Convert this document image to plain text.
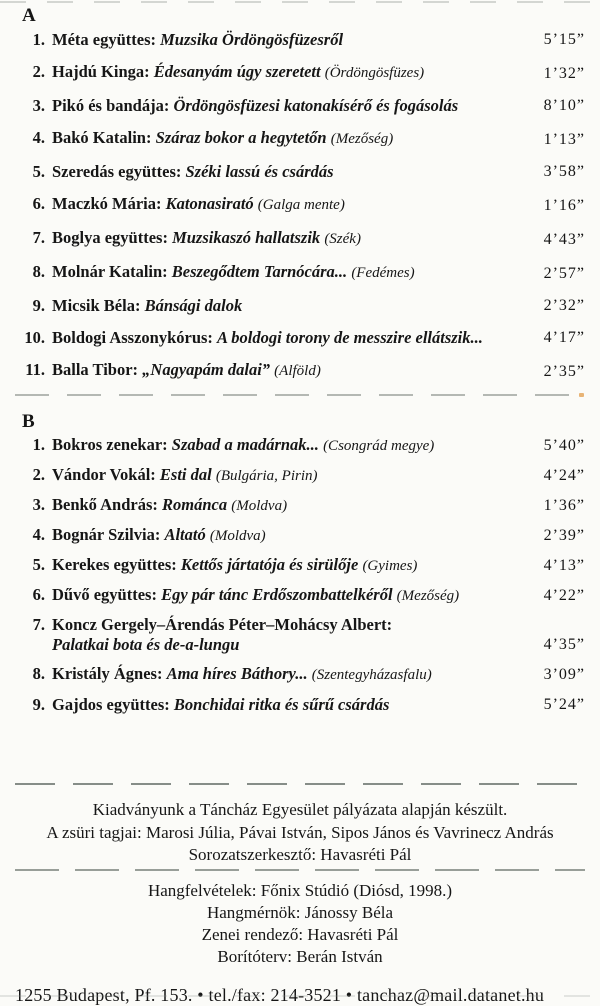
A
1. Méta együttes: Muzsika Ördöngösfüzesről	5’15”
2. Hajdú Kinga: Édesanyám úgy szeretett (Ördöngösfüzes)	1’32”
3. Pikó és bandája: Ördöngösfüzesi katonakísérő és fogásolás	8’10”
4. Bakó Katalin: Száraz bokor a hegytetőn (Mezőség)	1’13”
5. Szeredás együttes: Széki lassú és csárdás	3’58”
6. Maczkó Mária: Katonasirató (Galga mente)	1’16”
7. Boglya együttes: Muzsikaszó hallatszik (Szék)	4’43”
8. Molnár Katalin: Beszegődtem Tarnócára... (Fedémes)	2’57”
9. Micsik Béla: Bánsági dalok	2’32”
10. Boldogi Asszonykórus: A boldogi torony de messzire ellátszik...	4’17”
11. Balla Tibor: „Nagyapám dalai” (Alföld)	2’35”
B
1. Bokros zenekar: Szabad a madárnak... (Csongrád megye)	5’40”
2. Vándor Vokál: Esti dal (Bulgária, Pirin)	4’24”
3. Benkő András: Románca (Moldva)	1’36”
4. Bognár Szilvia: Altató (Moldva)	2’39”
5. Kerekes együttes: Kettős jártatója és sirülője (Gyimes)	4’13”
6. Dűvő együttes: Egy pár tánc Erdőszombattelkéről (Mezőség)	4’22”
7. Koncz Gergely–Árendás Péter–Mohácsy Albert:
Palatkai bota és de-a-lungu	4’35”
8. Kristály Ágnes: Ama híres Báthory... (Szentegyházasfalu)	3’09”
9. Gajdos együttes: Bonchidai ritka és sűrű csárdás	5’24”
Kiadványunk a Táncház Egyesület pályázata alapján készült.
A zsüri tagjai: Marosi Júlia, Pávai István, Sipos János és Vavrinecz András
Sorozatszerkesztő: Havasréti Pál
Hangfelvételek: Főnix Stúdió (Diósd, 1998.)
Hangmérnök: Jánossy Béla
Zenei rendező: Havasréti Pál
Borítóterv: Berán István
1255 Budapest, Pf. 153. • tel./fax: 214-3521 • tanchaz@mail.datanet.hu
